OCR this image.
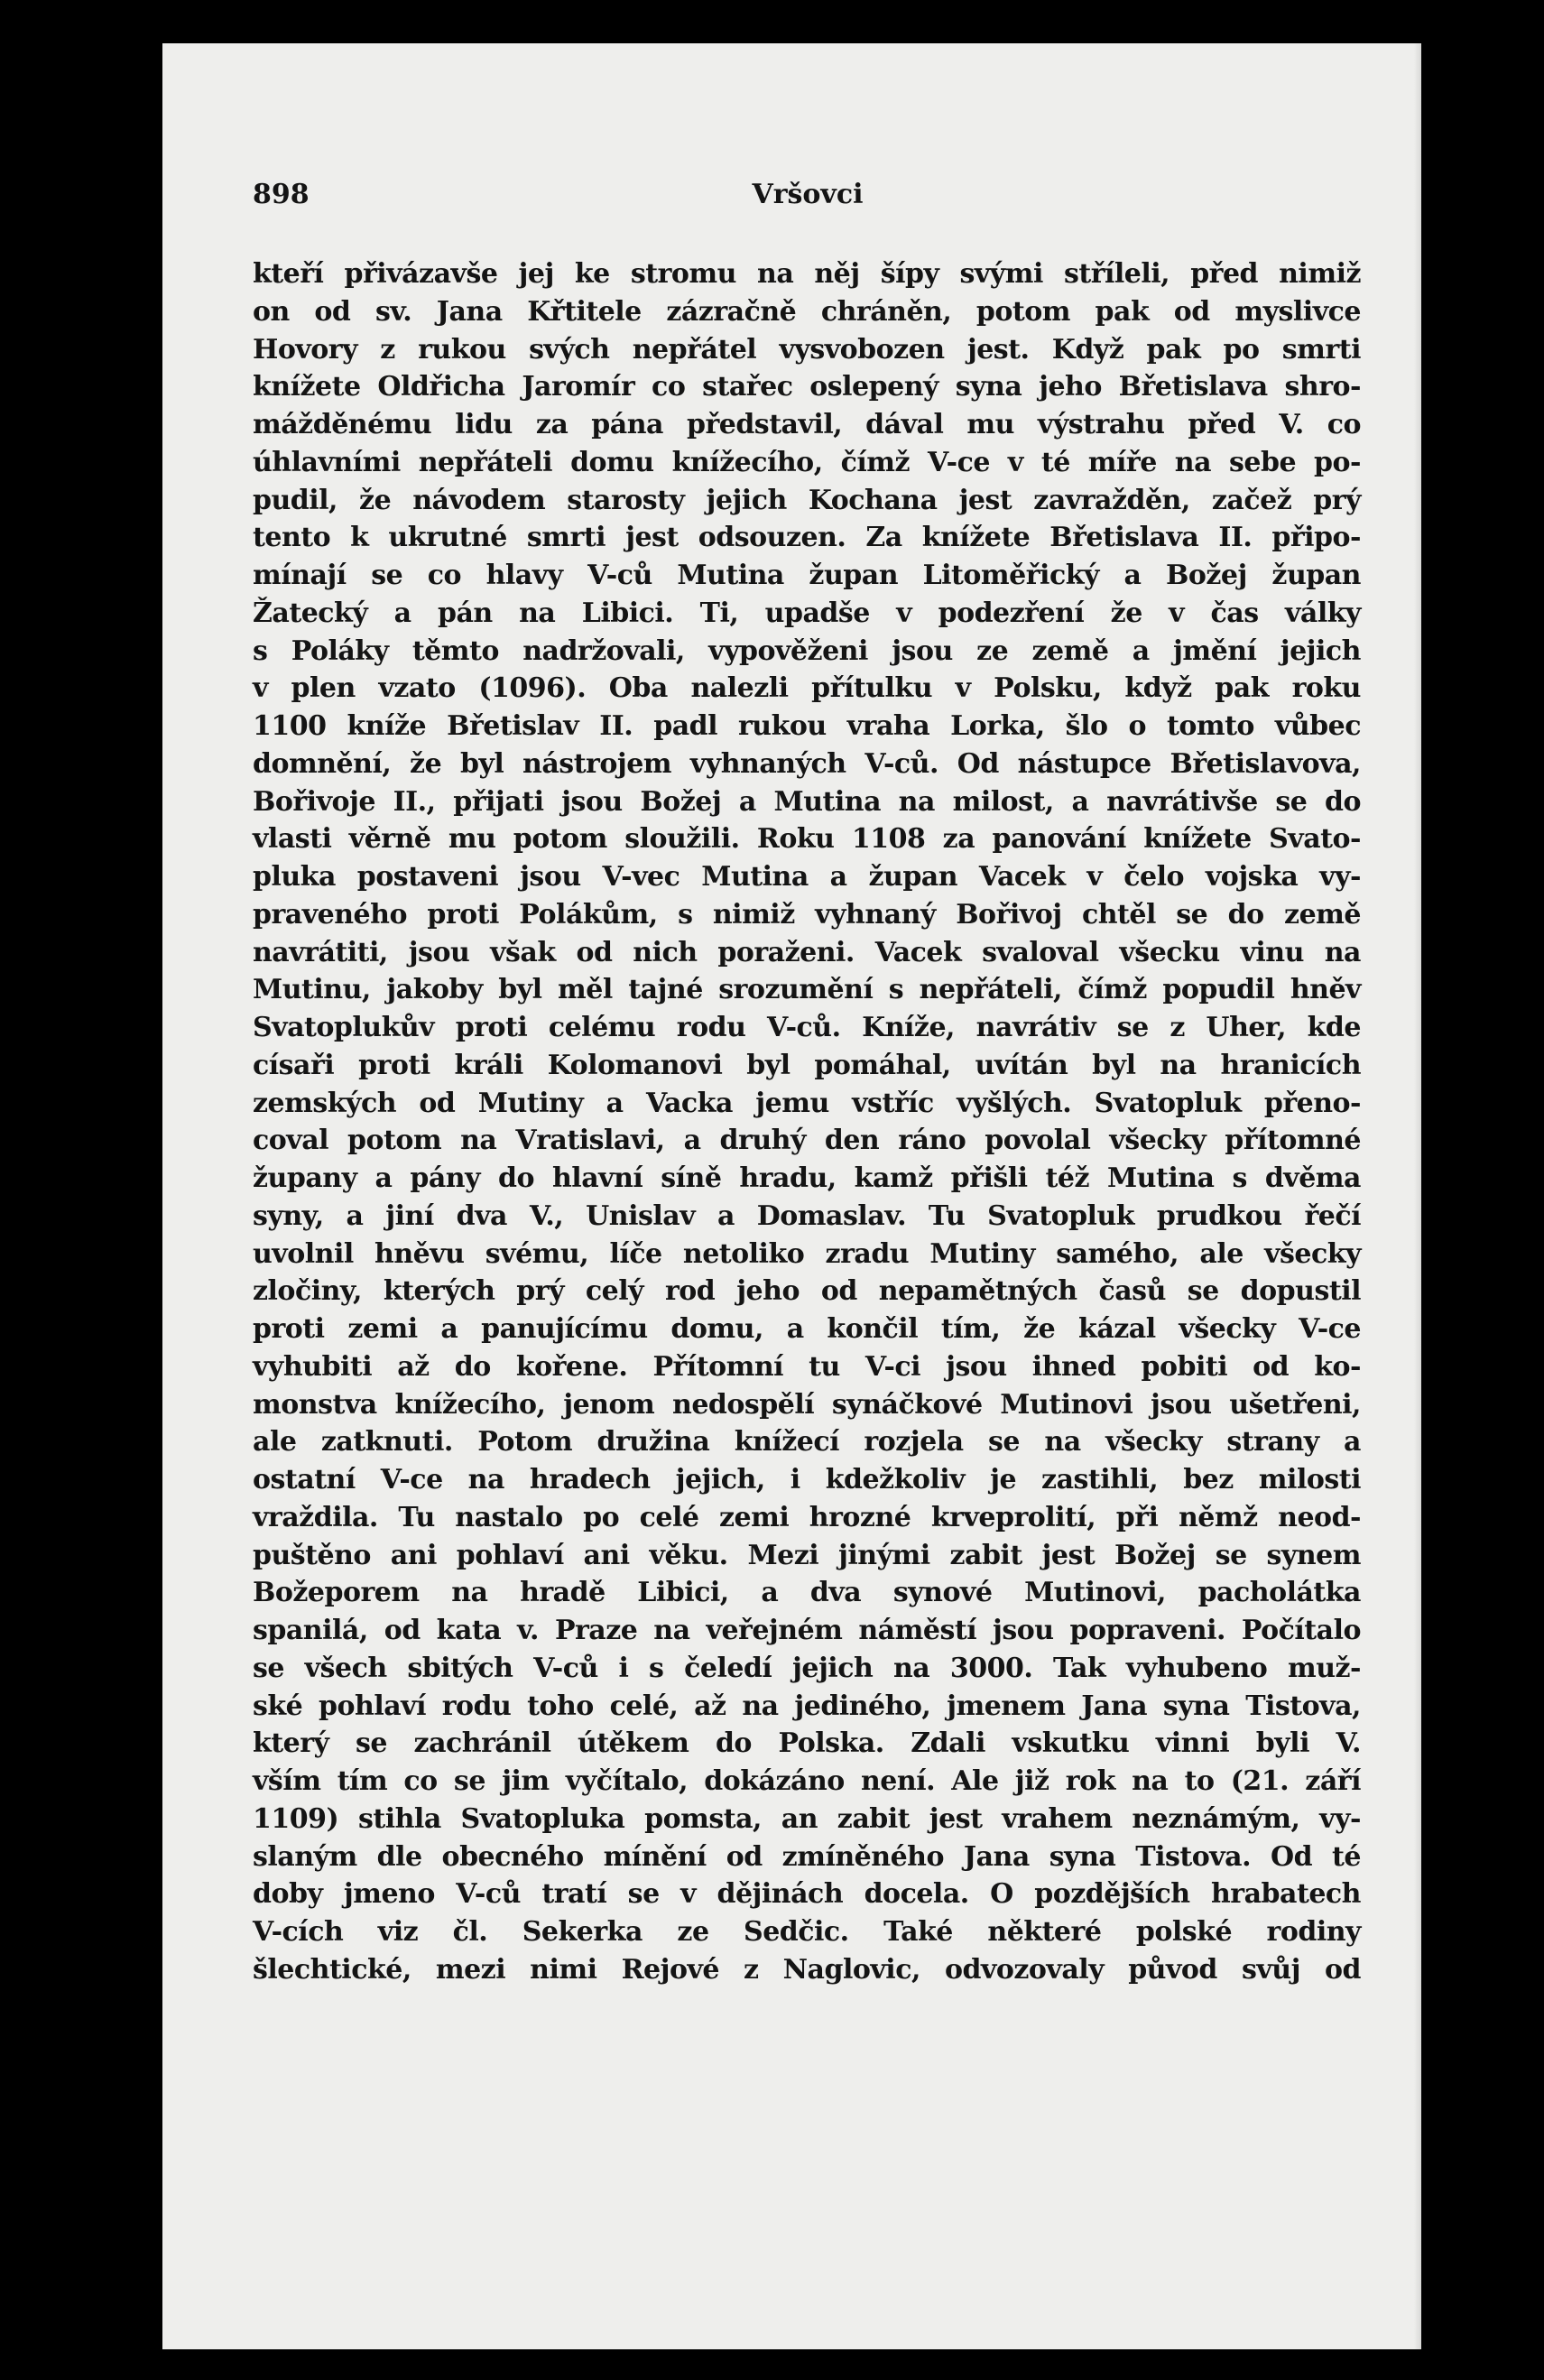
898	Vršovci
kteří přivázavše jej ke stromu na něj šípy svými stříleli, před nimiž
on od sv. Jana Křtitele zázračně chráněn, potom pak od myslivce
Hovory z rukou svých nepřátel vysvobozen jest. Když pak po smrti
knížete Oldřicha Jaromír co stařec oslepený syna jeho Břetislava shro-
mážděnému lidu za pána představil, dával mu výstrahu před V. co
úhlavními nepřáteli domu knížecího, čímž V-ce v té míře na sebe po-
pudil, že návodem starosty jejich Kochana jest zavražděn, začež prý
tento k ukrutné smrti jest odsouzen. Za knížete Břetislava II. připo-
mínají se co hlavy V-ců Mutina župan Litoměřický a Božej župan
Žatecký a pán na Libici. Ti, upadše v podezření že v čas války
s Poláky těmto nadržovali, vypověženi jsou ze země a jmění jejich
v plen vzato (1096). Oba nalezli přítulku v Polsku, když pak roku
1100 kníže Břetislav II. padl rukou vraha Lorka, šlo o tomto vůbec
domnění, že byl nástrojem vyhnaných V-ců. Od nástupce Břetislavova,
Bořivoje II., přijati jsou Božej a Mutina na milost, a navrátivše se do
vlasti věrně mu potom sloužili. Roku 1108 za panování knížete Svato-
pluka postaveni jsou V-vec Mutina a župan Vacek v čelo vojska vy-
praveného proti Polákům, s nimiž vyhnaný Bořivoj chtěl se do země
navrátiti, jsou však od nich poraženi. Vacek svaloval všecku vinu na
Mutinu, jakoby byl měl tajné srozumění s nepřáteli, čímž popudil hněv
Svatoplukův proti celému rodu V-ců. Kníže, navrátiv se z Uher, kde
císaři proti králi Kolomanovi byl pomáhal, uvítán byl na hranicích
zemských od Mutiny a Vacka jemu vstříc vyšlých. Svatopluk přeno-
coval potom na Vratislavi, a druhý den ráno povolal všecky přítomné
župany a pány do hlavní síně hradu, kamž přišli též Mutina s dvěma
syny, a jiní dva V., Unislav a Domaslav. Tu Svatopluk prudkou řečí
uvolnil hněvu svému, líče netoliko zradu Mutiny samého, ale všecky
zločiny, kterých prý celý rod jeho od nepamětných časů se dopustil
proti zemi a panujícímu domu, a končil tím, že kázal všecky V-ce
vyhubiti až do kořene. Přítomní tu V-ci jsou ihned pobiti od ko-
monstva knížecího, jenom nedospělí synáčkové Mutinovi jsou ušetřeni,
ale zatknuti. Potom družina knížecí rozjela se na všecky strany a
ostatní V-ce na hradech jejich, i kdežkoliv je zastihli, bez milosti
vraždila. Tu nastalo po celé zemi hrozné krveprolití, při němž neod-
puštěno ani pohlaví ani věku. Mezi jinými zabit jest Božej se synem
Božeporem na hradě Libici, a dva synové Mutinovi, pacholátka
spanilá, od kata v. Praze na veřejném náměstí jsou popraveni. Počítalo
se všech sbitých V-ců i s čeledí jejich na 3000. Tak vyhubeno muž-
ské pohlaví rodu toho celé, až na jediného, jmenem Jana syna Tistova,
který se zachránil útěkem do Polska. Zdali vskutku vinni byli V.
vším tím co se jim vyčítalo, dokázáno není. Ale již rok na to (21. září
1109) stihla Svatopluka pomsta, an zabit jest vrahem neznámým, vy-
slaným dle obecného mínění od zmíněného Jana syna Tistova. Od té
doby jmeno V-ců tratí se v dějinách docela. O pozdějších hrabatech
V-cích viz čl. Sekerka ze Sedčic. Také některé polské rodiny
šlechtické, mezi nimi Rejové z Naglovic, odvozovaly původ svůj od
